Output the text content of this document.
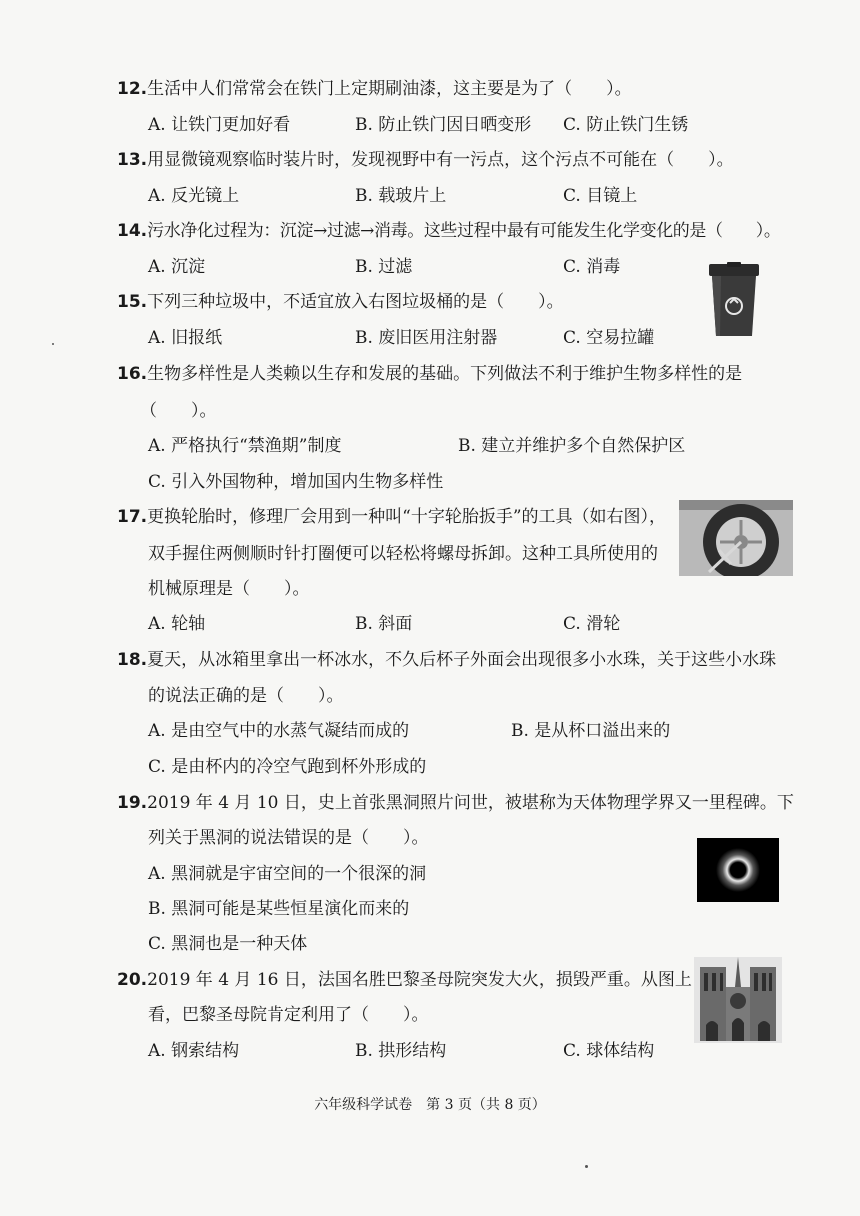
12.生活中人们常常会在铁门上定期刷油漆，这主要是为了（　　）。
A. 让铁门更加好看	B. 防止铁门因日晒变形 C. 防止铁门生锈
13.用显微镜观察临时装片时，发现视野中有一污点，这个污点不可能在（　　）。
A. 反光镜上	B. 载玻片上	C. 目镜上
14.污水净化过程为：沉淀→过滤→消毒。这些过程中最有可能发生化学变化的是（　　）。
A. 沉淀	B. 过滤	C. 消毒
15.下列三种垃圾中，不适宜放入右图垃圾桶的是（　　）。
A. 旧报纸	B. 废旧医用注射器	C. 空易拉罐
16.生物多样性是人类赖以生存和发展的基础。下列做法不利于维护生物多样性的是
（　　）。
A. 严格执行“禁渔期”制度	B. 建立并维护多个自然保护区
C. 引入外国物种，增加国内生物多样性
17.更换轮胎时，修理厂会用到一种叫“十字轮胎扳手”的工具（如右图），
双手握住两侧顺时针打圈便可以轻松将螺母拆卸。这种工具所使用的
机械原理是（　　）。
A. 轮轴	B. 斜面	C. 滑轮
18.夏天，从冰箱里拿出一杯冰水，不久后杯子外面会出现很多小水珠，关于这些小水珠
的说法正确的是（　　）。
A. 是由空气中的水蒸气凝结而成的	B. 是从杯口溢出来的
C. 是由杯内的冷空气跑到杯外形成的
19.2019 年 4 月 10 日，史上首张黑洞照片问世，被堪称为天体物理学界又一里程碑。下
列关于黑洞的说法错误的是（　　）。
A. 黑洞就是宇宙空间的一个很深的洞
B. 黑洞可能是某些恒星演化而来的
C. 黑洞也是一种天体
20.2019 年 4 月 16 日，法国名胜巴黎圣母院突发大火，损毁严重。从图上
看，巴黎圣母院肯定利用了（　　）。
A. 钢索结构	B. 拱形结构	C. 球体结构
六年级科学试卷　第 3 页（共 8 页）
